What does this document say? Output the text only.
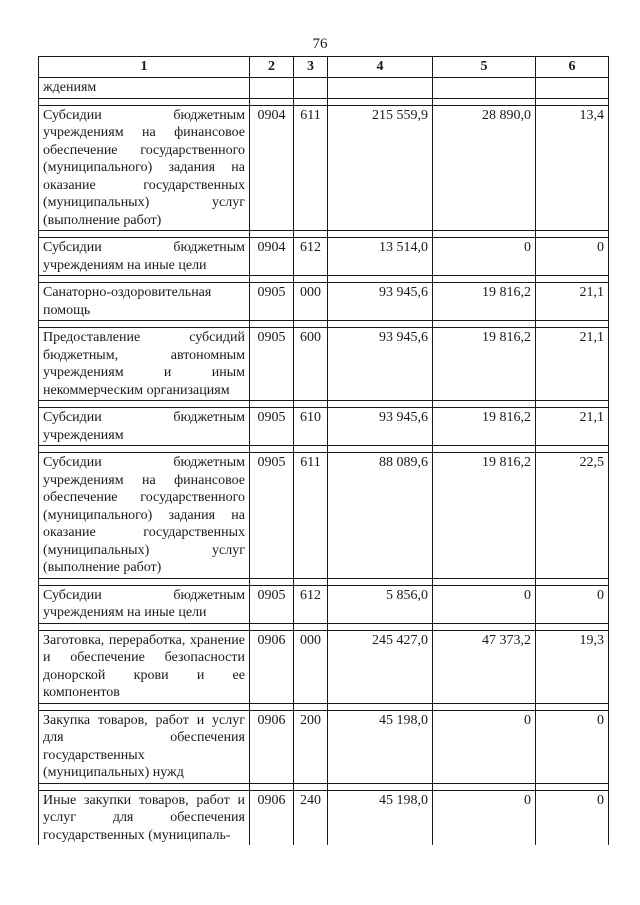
76
1	2	3	4	5	6
ждениям					

Субсидии бюджетным учреждениям на финансовое обеспечение государственного (муниципального) задания на оказание государственных (муниципальных) услуг (выполнение работ)	0904	611	215 559,9	28 890,0	13,4

Субсидии бюджетным учреждениям на иные цели	0904	612	13 514,0	0	0

Санаторно-оздоровительная помощь	0905	000	93 945,6	19 816,2	21,1

Предоставление субсидий бюджетным, автономным учреждениям и иным некоммерческим организациям	0905	600	93 945,6	19 816,2	21,1

Субсидии бюджетным учреждениям	0905	610	93 945,6	19 816,2	21,1

Субсидии бюджетным учреждениям на финансовое обеспечение государственного (муниципального) задания на оказание государственных (муниципальных) услуг (выполнение работ)	0905	611	88 089,6	19 816,2	22,5

Субсидии бюджетным учреждениям на иные цели	0905	612	5 856,0	0	0

Заготовка, переработка, хранение и обеспечение безопасности донорской крови и ее компонентов	0906	000	245 427,0	47 373,2	19,3

Закупка товаров, работ и услуг для обеспечения государственных (муниципальных) нужд	0906	200	45 198,0	0	0

Иные закупки товаров, работ и услуг для обеспечения государственных (муниципаль-	0906	240	45 198,0	0	0
